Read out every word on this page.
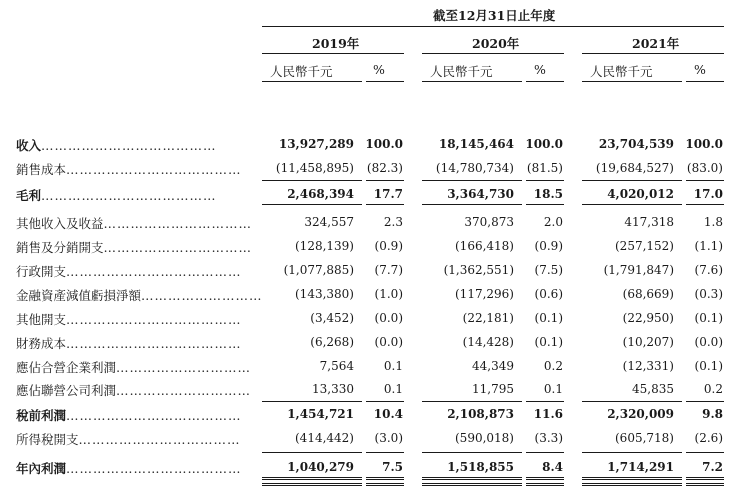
截至12月31日止年度
2019年	2020年	2021年
人民幣千元	%	人民幣千元	%	人民幣千元	%
收入…………………………………	13,927,289 100.0	18,145,464 100.0	23,704,539 100.0
銷售成本…………………………………	(11,458,895) (82.3)	(14,780,734) (81.5)	(19,684,527) (83.0)
毛利…………………………………	2,468,394 17.7	3,364,730 18.5	4,020,012 17.0
其他收入及收益……………………………	324,557 2.3	370,873 2.0	417,318 1.8
銷售及分銷開支……………………………	(128,139) (0.9)	(166,418) (0.9)	(257,152) (1.1)
行政開支…………………………………	(1,077,885) (7.7)	(1,362,551) (7.5)	(1,791,847) (7.6)
金融資產減值虧損淨額………………………	(143,380) (1.0)	(117,296) (0.6)	(68,669) (0.3)
其他開支…………………………………	(3,452) (0.0)	(22,181) (0.1)	(22,950) (0.1)
財務成本…………………………………	(6,268) (0.0)	(14,428) (0.1)	(10,207) (0.0)
應佔合營企業利潤…………………………	7,564 0.1	44,349 0.2	(12,331) (0.1)
應佔聯營公司利潤…………………………	13,330 0.1	11,795 0.1	45,835 0.2
稅前利潤…………………………………	1,454,721 10.4	2,108,873 11.6	2,320,009 9.8
所得稅開支………………………………	(414,442) (3.0)	(590,018) (3.3)	(605,718) (2.6)
年內利潤…………………………………	1,040,279 7.5	1,518,855 8.4	1,714,291 7.2
